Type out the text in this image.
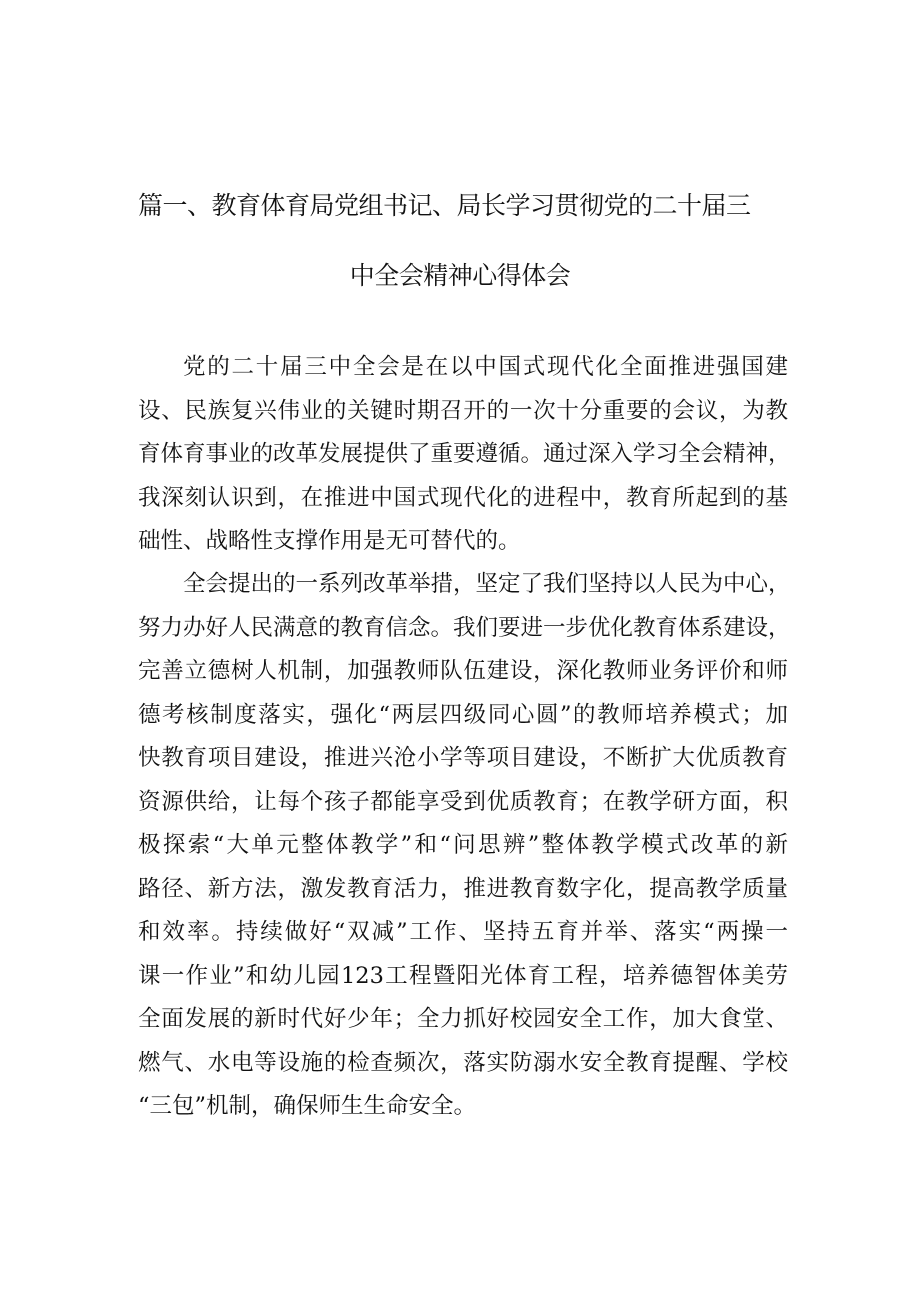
篇一、教育体育局党组书记、局长学习贯彻党的二十届三
中全会精神心得体会
党的二十届三中全会是在以中国式现代化全面推进强国建
设、民族复兴伟业的关键时期召开的一次十分重要的会议，为教
育体育事业的改革发展提供了重要遵循。通过深入学习全会精神，
我深刻认识到，在推进中国式现代化的进程中，教育所起到的基
础性、战略性支撑作用是无可替代的。
全会提出的一系列改革举措，坚定了我们坚持以人民为中心，
努力办好人民满意的教育信念。我们要进一步优化教育体系建设，
完善立德树人机制，加强教师队伍建设，深化教师业务评价和师
德考核制度落实，强化“两层四级同心圆”的教师培养模式；加
快教育项目建设，推进兴沧小学等项目建设，不断扩大优质教育
资源供给，让每个孩子都能享受到优质教育；在教学研方面，积
极探索“大单元整体教学”和“问思辨”整体教学模式改革的新
路径、新方法，激发教育活力，推进教育数字化，提高教学质量
和效率。持续做好“双减”工作、坚持五育并举、落实“两操一
课一作业”和幼儿园123工程暨阳光体育工程，培养德智体美劳
全面发展的新时代好少年；全力抓好校园安全工作，加大食堂、
燃气、水电等设施的检查频次，落实防溺水安全教育提醒、学校
“三包”机制，确保师生生命安全。
